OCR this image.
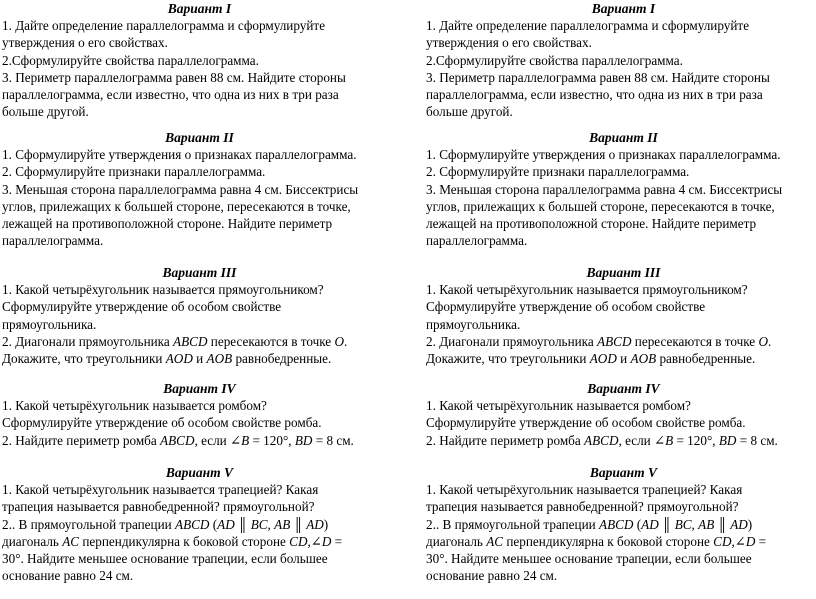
Вариант I
1. Дайте определение параллелограмма и сформулируйте
утверждения о его свойствах.
2.Сформулируйте свойства параллелограмма.
3. Периметр параллелограмма равен 88 см. Найдите стороны
параллелограмма, если известно, что одна из них в три раза
больше другой.
Вариант II
1. Сформулируйте утверждения о признаках параллелограмма.
2. Сформулируйте признаки параллелограмма.
3. Меньшая сторона параллелограмма равна 4 см. Биссектрисы
углов, прилежащих к большей стороне, пересекаются в точке,
лежащей на противоположной стороне. Найдите периметр
параллелограмма.
Вариант III
1. Какой четырёхугольник называется прямоугольником?
Сформулируйте утверждение об особом свойстве
прямоугольника.
2. Диагонали прямоугольника ABCD пересекаются в точке O.
Докажите, что треугольники AOD и AOB равнобедренные.
Вариант IV
1. Какой четырёхугольник называется ромбом?
Сформулируйте утверждение об особом свойстве ромба.
2. Найдите периметр ромба ABCD, если ∠B = 120°, BD = 8 см.
Вариант V
1. Какой четырёхугольник называется трапецией? Какая
трапеция называется равнобедренной? прямоугольной?
2.. В прямоугольной трапеции ABCD (AD ║ BC, AB ║ AD)
диагональ AC перпендикулярна к боковой стороне CD,∠D =
30°. Найдите меньшее основание трапеции, если большее
основание равно 24 см.
Вариант I
1. Дайте определение параллелограмма и сформулируйте
утверждения о его свойствах.
2.Сформулируйте свойства параллелограмма.
3. Периметр параллелограмма равен 88 см. Найдите стороны
параллелограмма, если известно, что одна из них в три раза
больше другой.
Вариант II
1. Сформулируйте утверждения о признаках параллелограмма.
2. Сформулируйте признаки параллелограмма.
3. Меньшая сторона параллелограмма равна 4 см. Биссектрисы
углов, прилежащих к большей стороне, пересекаются в точке,
лежащей на противоположной стороне. Найдите периметр
параллелограмма.
Вариант III
1. Какой четырёхугольник называется прямоугольником?
Сформулируйте утверждение об особом свойстве
прямоугольника.
2. Диагонали прямоугольника ABCD пересекаются в точке O.
Докажите, что треугольники AOD и AOB равнобедренные.
Вариант IV
1. Какой четырёхугольник называется ромбом?
Сформулируйте утверждение об особом свойстве ромба.
2. Найдите периметр ромба ABCD, если ∠B = 120°, BD = 8 см.
Вариант V
1. Какой четырёхугольник называется трапецией? Какая
трапеция называется равнобедренной? прямоугольной?
2.. В прямоугольной трапеции ABCD (AD ║ BC, AB ║ AD)
диагональ AC перпендикулярна к боковой стороне CD,∠D =
30°. Найдите меньшее основание трапеции, если большее
основание равно 24 см.
